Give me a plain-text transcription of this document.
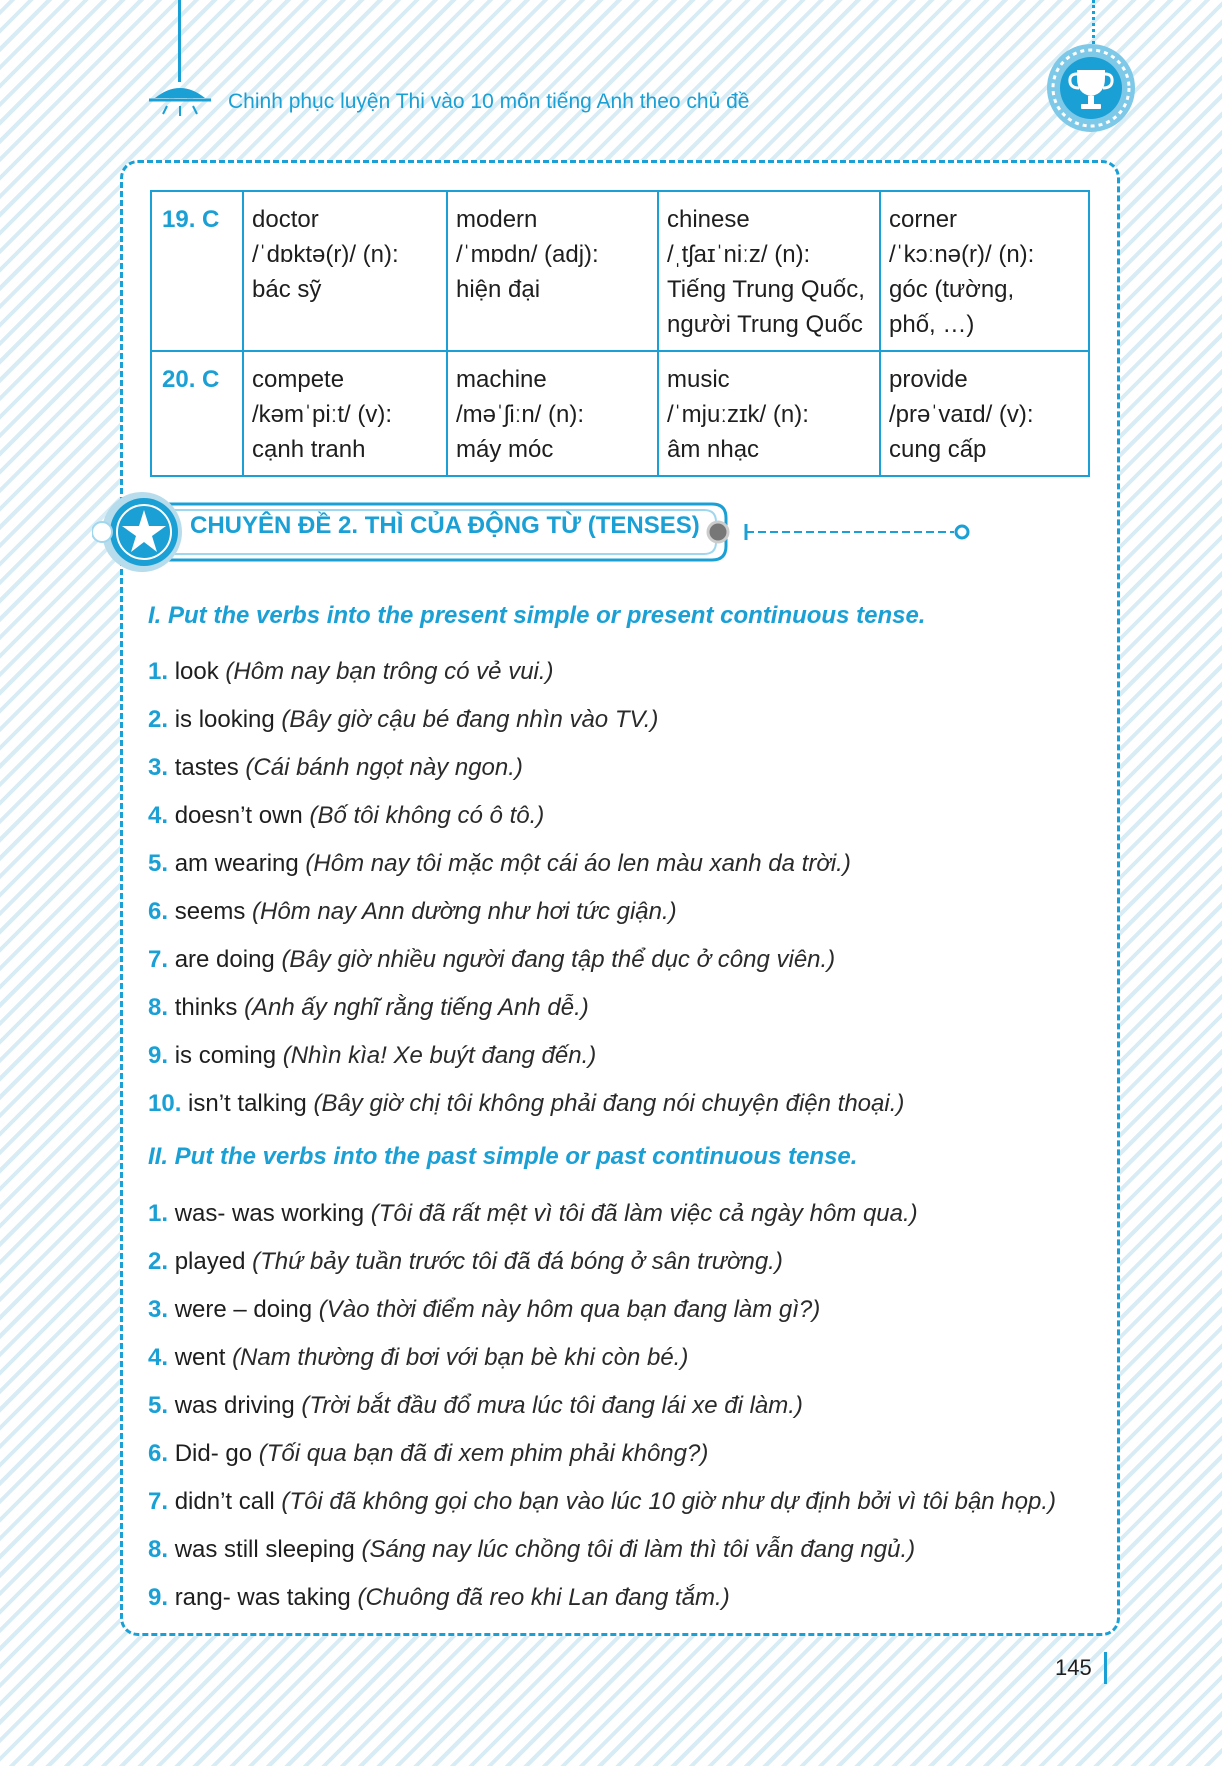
Chinh phục luyện Thi vào 10 môn tiếng Anh theo chủ đề
19. C	doctor
/ˈdɒktə(r)/ (n):
bác sỹ	modern
/ˈmɒdn/ (adj):
hiện đại	chinese
/ˌtʃaɪˈniːz/ (n):
Tiếng Trung Quốc,
người Trung Quốc	corner
/ˈkɔːnə(r)/ (n):
góc (tường,
phố, …)

20. C	compete
/kəmˈpiːt/ (v):
cạnh tranh	machine
/məˈʃiːn/ (n):
máy móc	music
/ˈmjuːzɪk/ (n):
âm nhạc	provide
/prəˈvaɪd/ (v):
cung cấp
CHUYÊN ĐỀ 2. THÌ CỦA ĐỘNG TỪ (TENSES)
I. Put the verbs into the present simple or present continuous tense.
1. look (Hôm nay bạn trông có vẻ vui.)
2. is looking (Bây giờ cậu bé đang nhìn vào TV.)
3. tastes (Cái bánh ngọt này ngon.)
4. doesn’t own (Bố tôi không có ô tô.)
5. am wearing (Hôm nay tôi mặc một cái áo len màu xanh da trời.)
6. seems (Hôm nay Ann dường như hơi tức giận.)
7. are doing (Bây giờ nhiều người đang tập thể dục ở công viên.)
8. thinks (Anh ấy nghĩ rằng tiếng Anh dễ.)
9. is coming (Nhìn kìa! Xe buýt đang đến.)
10. isn’t talking (Bây giờ chị tôi không phải đang nói chuyện điện thoại.)
II. Put the verbs into the past simple or past continuous tense.
1. was- was working (Tôi đã rất mệt vì tôi đã làm việc cả ngày hôm qua.)
2. played (Thứ bảy tuần trước tôi đã đá bóng ở sân trường.)
3. were – doing (Vào thời điểm này hôm qua bạn đang làm gì?)
4. went (Nam thường đi bơi với bạn bè khi còn bé.)
5. was driving (Trời bắt đầu đổ mưa lúc tôi đang lái xe đi làm.)
6. Did- go (Tối qua bạn đã đi xem phim phải không?)
7. didn’t call (Tôi đã không gọi cho bạn vào lúc 10 giờ như dự định bởi vì tôi bận họp.)
8. was still sleeping (Sáng nay lúc chồng tôi đi làm thì tôi vẫn đang ngủ.)
9. rang- was taking (Chuông đã reo khi Lan đang tắm.)
145
